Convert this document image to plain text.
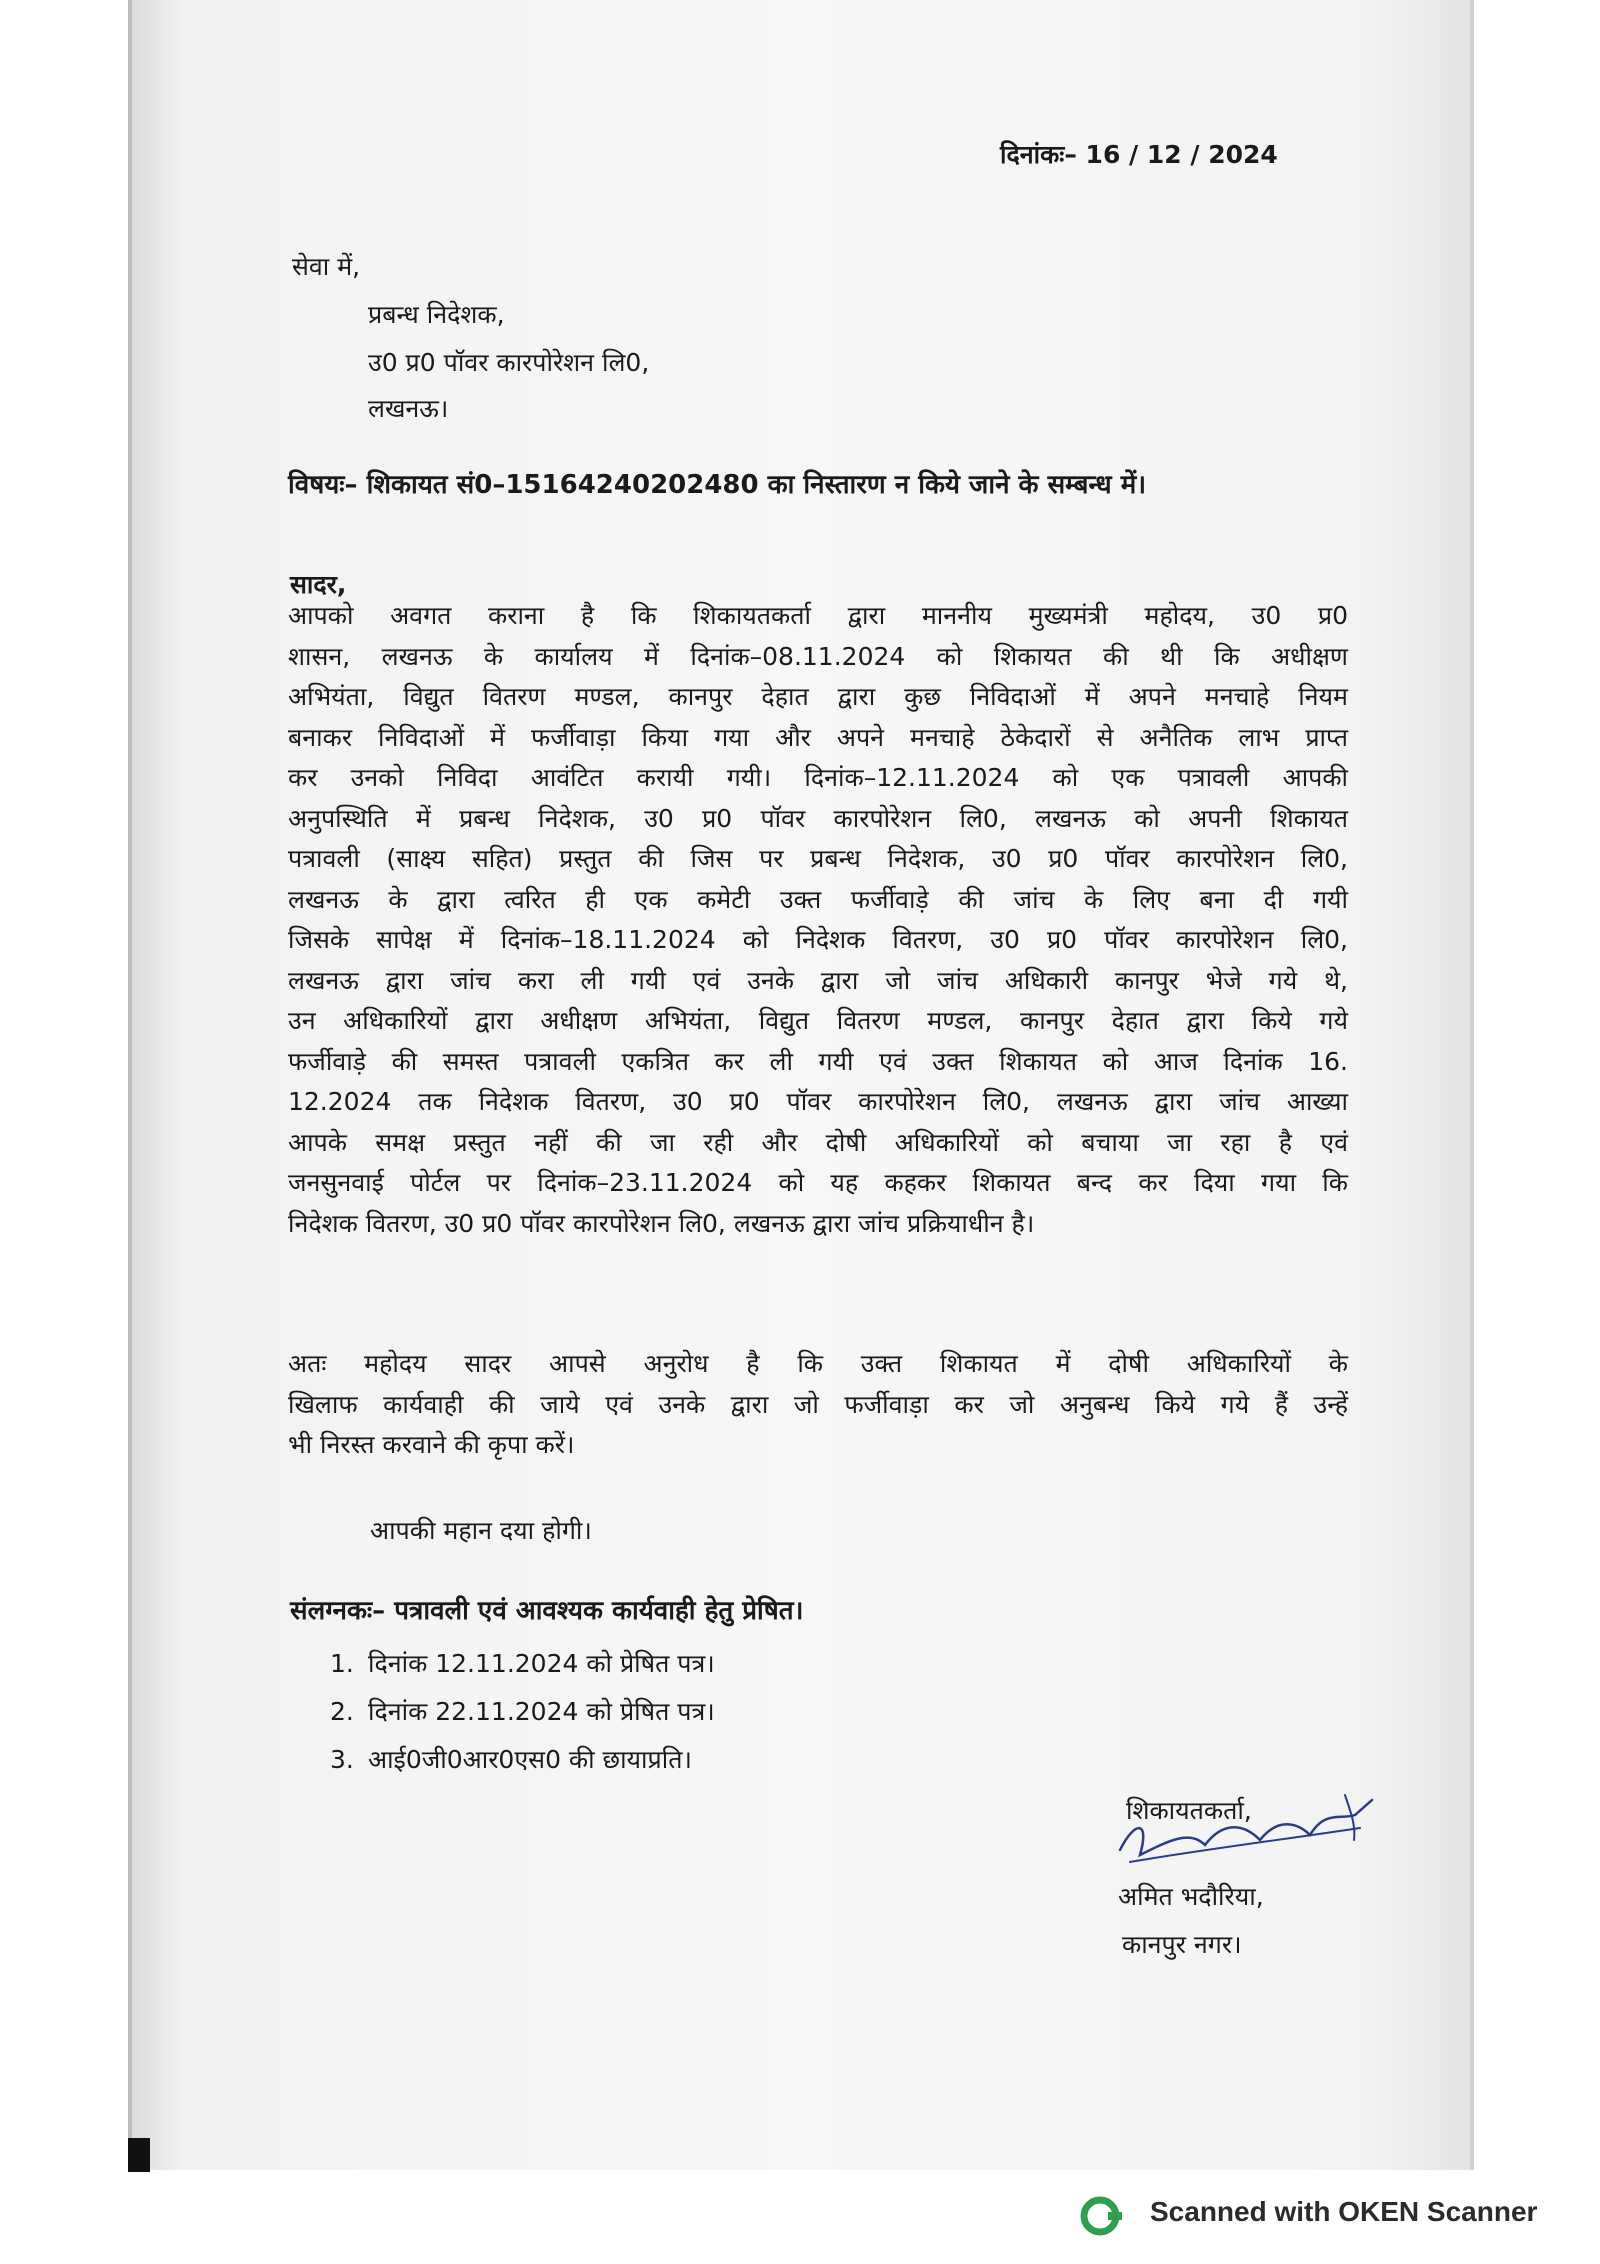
दिनांकः– 16 / 12 / 2024
सेवा में,
प्रबन्ध निदेशक,
उ0 प्र0 पॉवर कारपोरेशन लि0,
लखनऊ।
विषयः– शिकायत सं0–15164240202480 का निस्तारण न किये जाने के सम्बन्ध में।
सादर,
आपको अवगत कराना है कि शिकायतकर्ता द्वारा माननीय मुख्यमंत्री महोदय, उ0 प्र0
शासन, लखनऊ के कार्यालय में दिनांक–08.11.2024 को शिकायत की थी कि अधीक्षण
अभियंता, विद्युत वितरण मण्डल, कानपुर देहात द्वारा कुछ निविदाओं में अपने मनचाहे नियम
बनाकर निविदाओं में फर्जीवाड़ा किया गया और अपने मनचाहे ठेकेदारों से अनैतिक लाभ प्राप्त
कर उनको निविदा आवंटित करायी गयी। दिनांक–12.11.2024 को एक पत्रावली आपकी
अनुपस्थिति में प्रबन्ध निदेशक, उ0 प्र0 पॉवर कारपोरेशन लि0, लखनऊ को अपनी शिकायत
पत्रावली (साक्ष्य सहित) प्रस्तुत की जिस पर प्रबन्ध निदेशक, उ0 प्र0 पॉवर कारपोरेशन लि0,
लखनऊ के द्वारा त्वरित ही एक कमेटी उक्त फर्जीवाड़े की जांच के लिए बना दी गयी
जिसके सापेक्ष में दिनांक–18.11.2024 को निदेशक वितरण, उ0 प्र0 पॉवर कारपोरेशन लि0,
लखनऊ द्वारा जांच करा ली गयी एवं उनके द्वारा जो जांच अधिकारी कानपुर भेजे गये थे,
उन अधिकारियों द्वारा अधीक्षण अभियंता, विद्युत वितरण मण्डल, कानपुर देहात द्वारा किये गये
फर्जीवाड़े की समस्त पत्रावली एकत्रित कर ली गयी एवं उक्त शिकायत को आज दिनांक 16.
12.2024 तक निदेशक वितरण, उ0 प्र0 पॉवर कारपोरेशन लि0, लखनऊ द्वारा जांच आख्या
आपके समक्ष प्रस्तुत नहीं की जा रही और दोषी अधिकारियों को बचाया जा रहा है एवं
जनसुनवाई पोर्टल पर दिनांक–23.11.2024 को यह कहकर शिकायत बन्द कर दिया गया कि
निदेशक वितरण, उ0 प्र0 पॉवर कारपोरेशन लि0, लखनऊ द्वारा जांच प्रक्रियाधीन है।
अतः महोदय सादर आपसे अनुरोध है कि उक्त शिकायत में दोषी अधिकारियों के
खिलाफ कार्यवाही की जाये एवं उनके द्वारा जो फर्जीवाड़ा कर जो अनुबन्ध किये गये हैं उन्हें
भी निरस्त करवाने की कृपा करें।
आपकी महान दया होगी।
संलग्नकः– पत्रावली एवं आवश्यक कार्यवाही हेतु प्रेषित।
1. दिनांक 12.11.2024 को प्रेषित पत्र।
2. दिनांक 22.11.2024 को प्रेषित पत्र।
3. आई0जी0आर0एस0 की छायाप्रति।
शिकायतकर्ता,
अमित भदौरिया,
कानपुर नगर।
Scanned with OKEN Scanner
